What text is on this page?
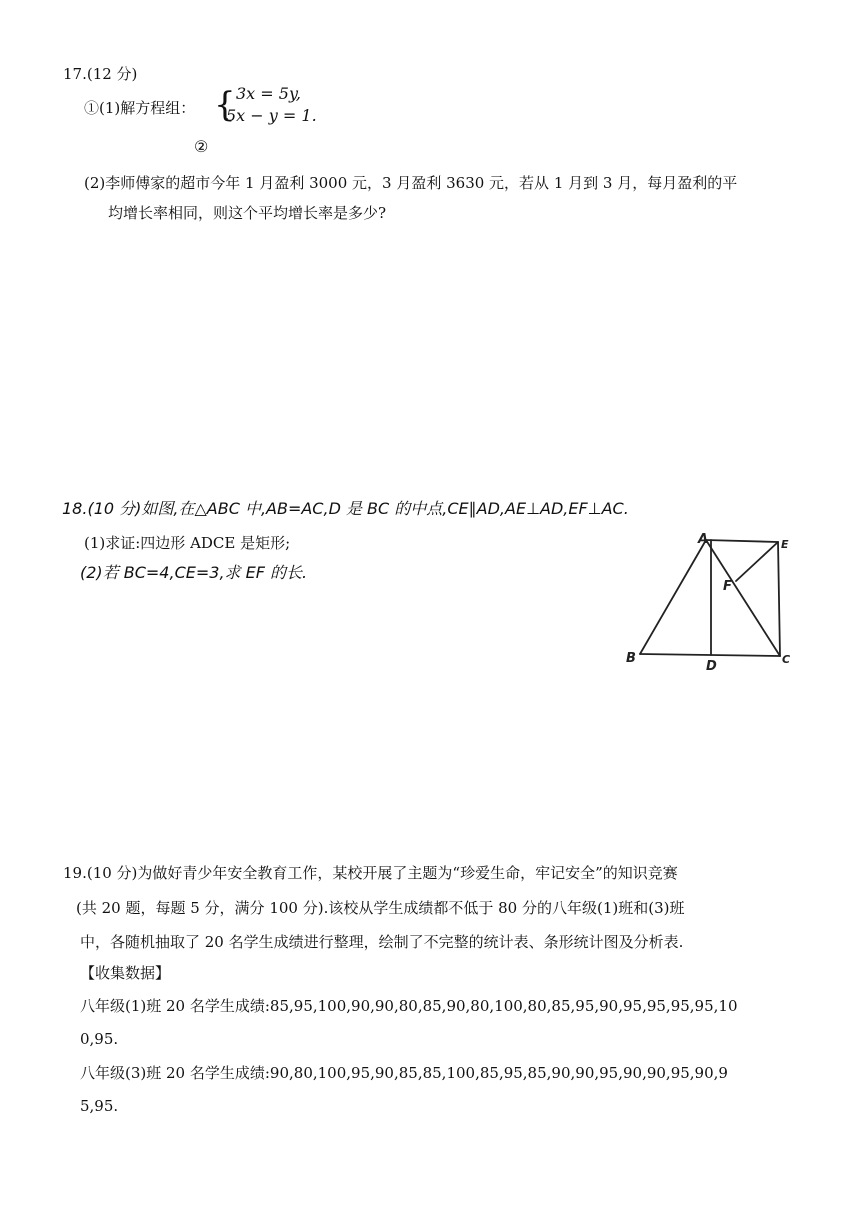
17.(12 分)
①(1)解方程组： { 3x = 5y,
5x − y = 1.
②
(2)李师傅家的超市今年 1 月盈利 3000 元，3 月盈利 3630 元，若从 1 月到 3 月，每月盈利的平
均增长率相同，则这个平均增长率是多少?
18.(10 分)如图,在△ABC 中,AB=AC,D 是 BC 的中点,CE∥AD,AE⊥AD,EF⊥AC.
(1)求证:四边形 ADCE 是矩形;
(2)若 BC=4,CE=3,求 EF 的长.
A	E
F
B
D	C
19.(10 分)为做好青少年安全教育工作，某校开展了主题为“珍爱生命，牢记安全”的知识竞赛
(共 20 题，每题 5 分，满分 100 分).该校从学生成绩都不低于 80 分的八年级(1)班和(3)班
中，各随机抽取了 20 名学生成绩进行整理，绘制了不完整的统计表、条形统计图及分析表.
【收集数据】
八年级(1)班 20 名学生成绩:85,95,100,90,90,80,85,90,80,100,80,85,95,90,95,95,95,95,10
0,95.
八年级(3)班 20 名学生成绩:90,80,100,95,90,85,85,100,85,95,85,90,90,95,90,90,95,90,9
5,95.
